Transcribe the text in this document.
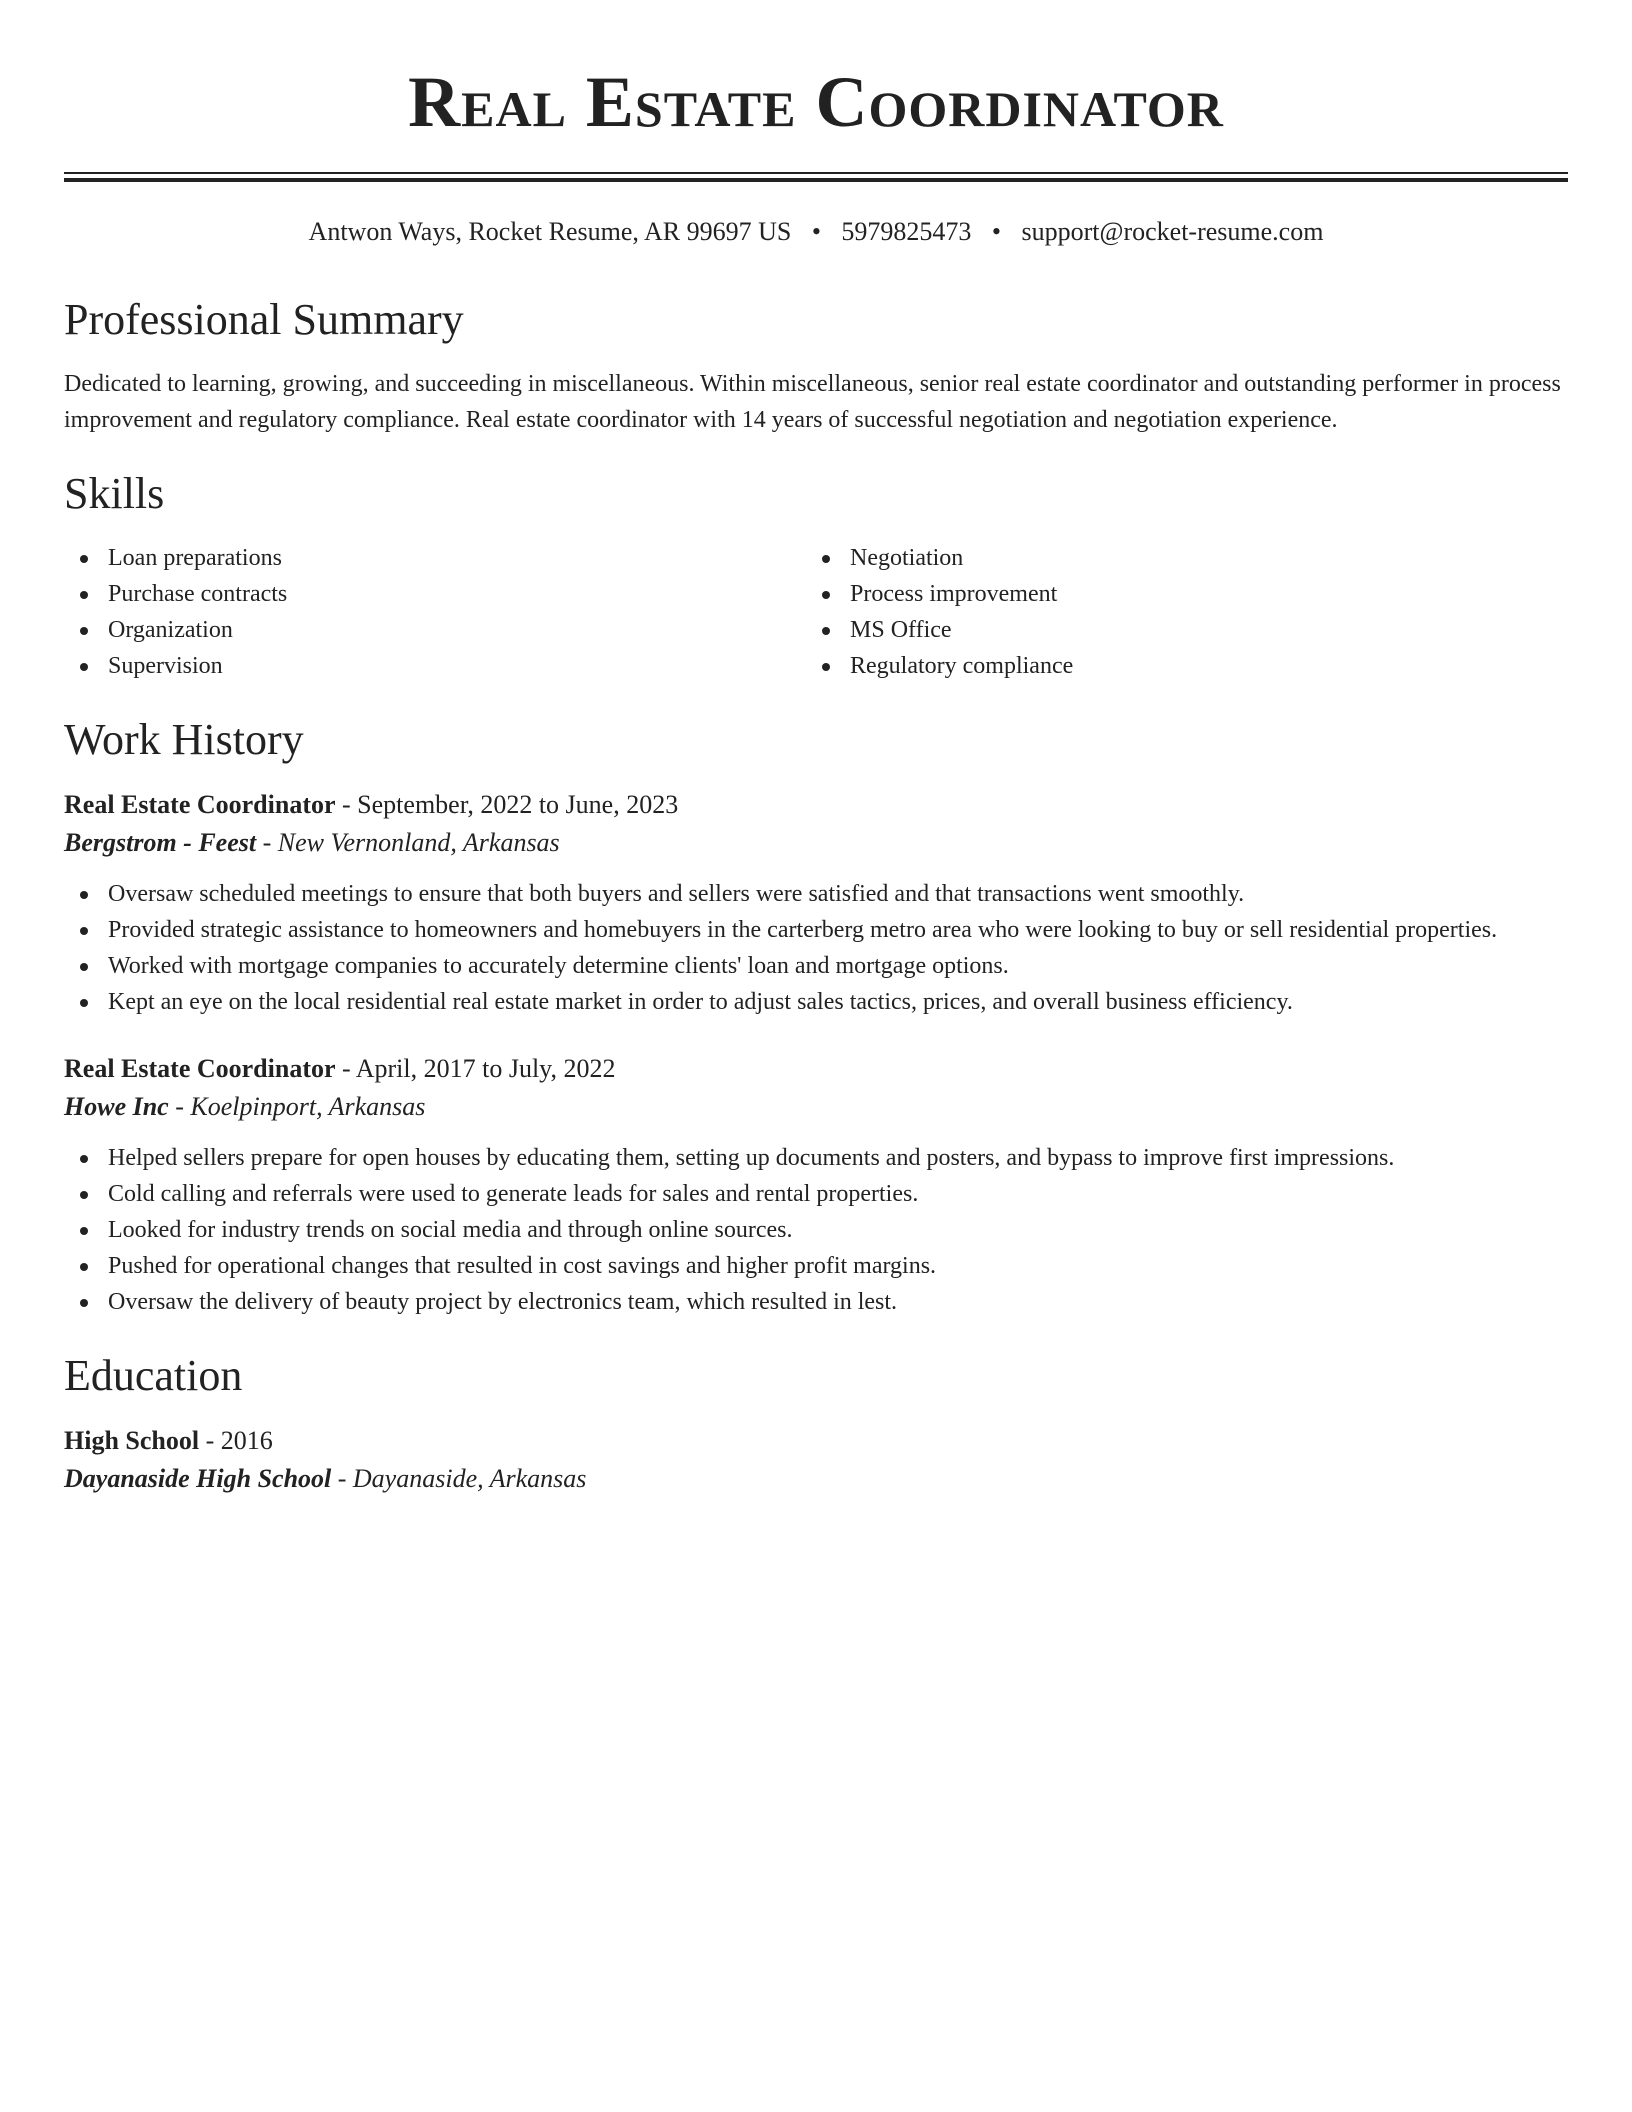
Real Estate Coordinator
Antwon Ways, Rocket Resume, AR 99697 US • 5979825473 • support@rocket-resume.com
Professional Summary

Dedicated to learning, growing, and succeeding in miscellaneous. Within miscellaneous, senior real estate coordinator and outstanding performer in process improvement and regulatory compliance. Real estate coordinator with 14 years of successful negotiation and negotiation experience.

Skills
Loan preparations
Purchase contracts
Organization
Supervision
Negotiation
Process improvement
MS Office
Regulatory compliance
Work History
Real Estate Coordinator - September, 2022 to June, 2023
Bergstrom - Feest - New Vernonland, Arkansas
Oversaw scheduled meetings to ensure that both buyers and sellers were satisfied and that transactions went smoothly.
Provided strategic assistance to homeowners and homebuyers in the carterberg metro area who were looking to buy or sell residential properties.
Worked with mortgage companies to accurately determine clients' loan and mortgage options.
Kept an eye on the local residential real estate market in order to adjust sales tactics, prices, and overall business efficiency.
Real Estate Coordinator - April, 2017 to July, 2022
Howe Inc - Koelpinport, Arkansas
Helped sellers prepare for open houses by educating them, setting up documents and posters, and bypass to improve first impressions.
Cold calling and referrals were used to generate leads for sales and rental properties.
Looked for industry trends on social media and through online sources.
Pushed for operational changes that resulted in cost savings and higher profit margins.
Oversaw the delivery of beauty project by electronics team, which resulted in lest.
Education
High School - 2016
Dayanaside High School - Dayanaside, Arkansas
